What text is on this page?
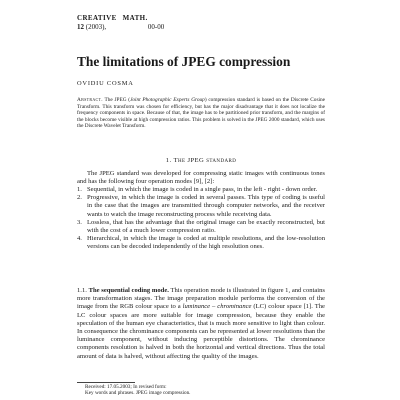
CREATIVE MATH.
12 (2003),	00-00
The limitations of JPEG compression
OVIDIU COSMA
Abstract. The JPEG (Joint Photographic Experts Group) compression standard is based on the Discrete Cosine Transform. This transform was chosen for efficiency, but has the major disadvantage that it does not localize the frequency components in space. Because of that, the image has to be partitioned prior transform, and the margins of the blocks become visible at high compression ratios. This problem is solved in the JPEG 2000 standard, which uses the Discrete Wavelet Transform.
1. The JPEG standard
The JPEG standard was developed for compressing static images with continuous tones and has the following four operation modes [9], [2]:
1. Sequential, in which the image is coded in a single pass, in the left - right - down order.
2. Progressive, in which the image is coded in several passes. This type of coding is useful in the case that the images are transmitted through computer networks, and the receiver wants to watch the image reconstructing process while receiving data.
3. Lossless, that has the advantage that the original image can be exactly reconstructed, but with the cost of a much lower compression ratio.
4. Hierarchical, in which the image is coded at multiple resolutions, and the low-resolution versions can be decoded independently of the high resolution ones.
1.1. The sequential coding mode. This operation mode is illustrated in figure 1, and contains more transformation stages. The image preparation module performs the conversion of the image from the RGB colour space to a luminance – chrominance (LC) colour space [1]. The LC colour spaces are more suitable for image compression, because they enable the speculation of the human eye characteristics, that is much more sensitive to light than colour. In consequence the chrominance components can be represented at lower resolutions than the luminance component, without inducing perceptible distortions. The chrominance components resolution is halved in both the horizontal and vertical directions. Thus the total amount of data is halved, without affecting the quality of the images.
Received: 17.05.2003; In revised form:
Key words and phrases. JPEG image compression.
